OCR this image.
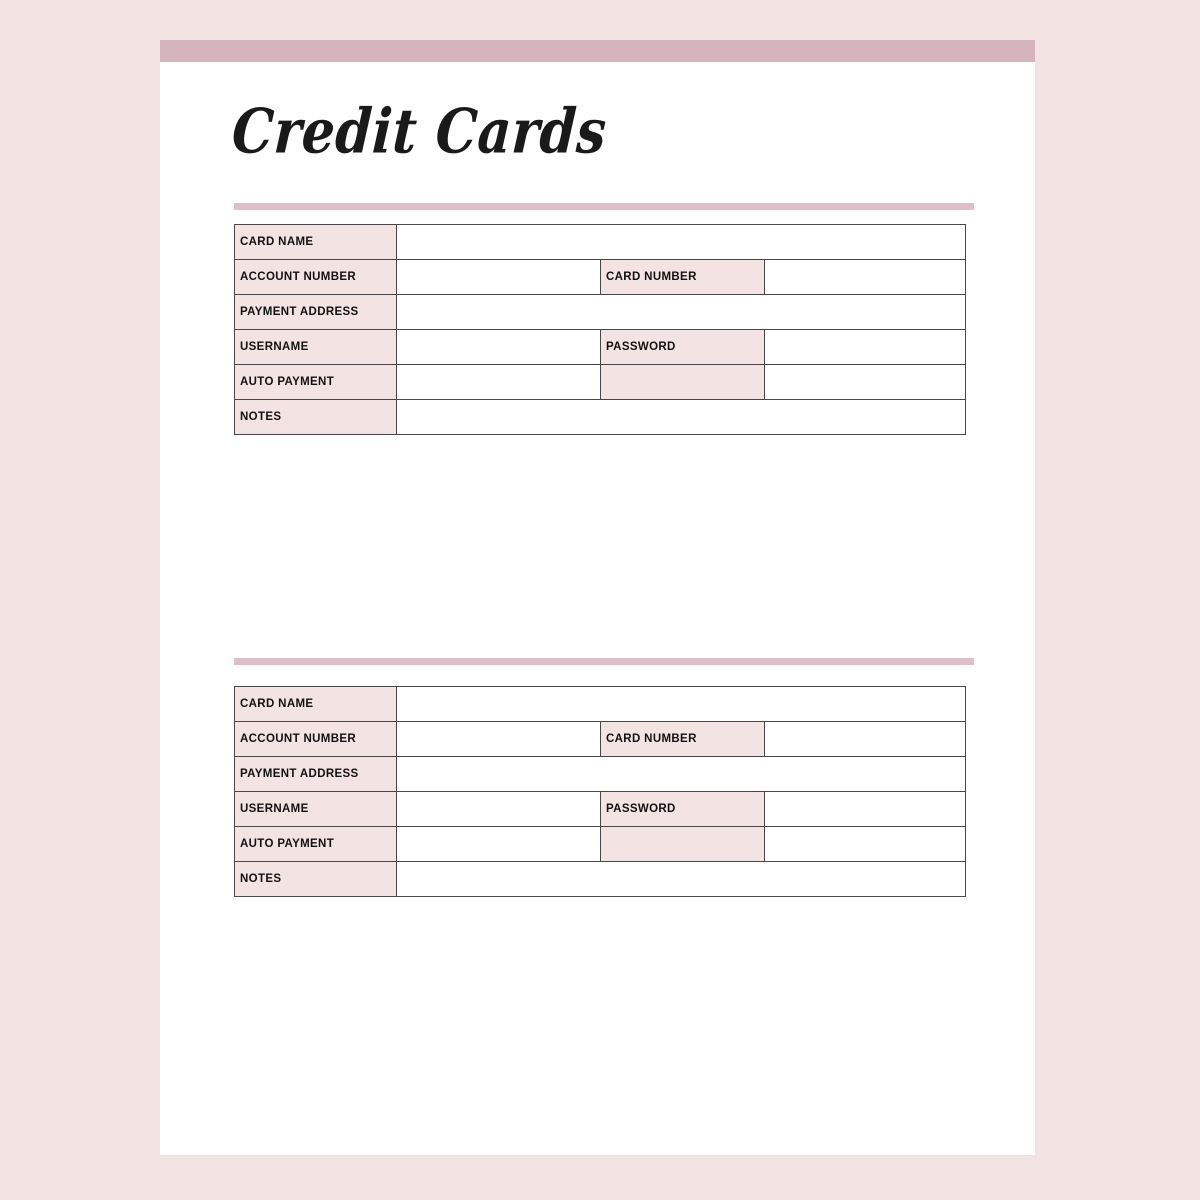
Credit Cards
CARD NAME			
ACCOUNT NUMBER		CARD NUMBER	
PAYMENT ADDRESS			
USERNAME		PASSWORD	
AUTO PAYMENT			
NOTES			
CARD NAME			
ACCOUNT NUMBER		CARD NUMBER	
PAYMENT ADDRESS			
USERNAME		PASSWORD	
AUTO PAYMENT			
NOTES			
